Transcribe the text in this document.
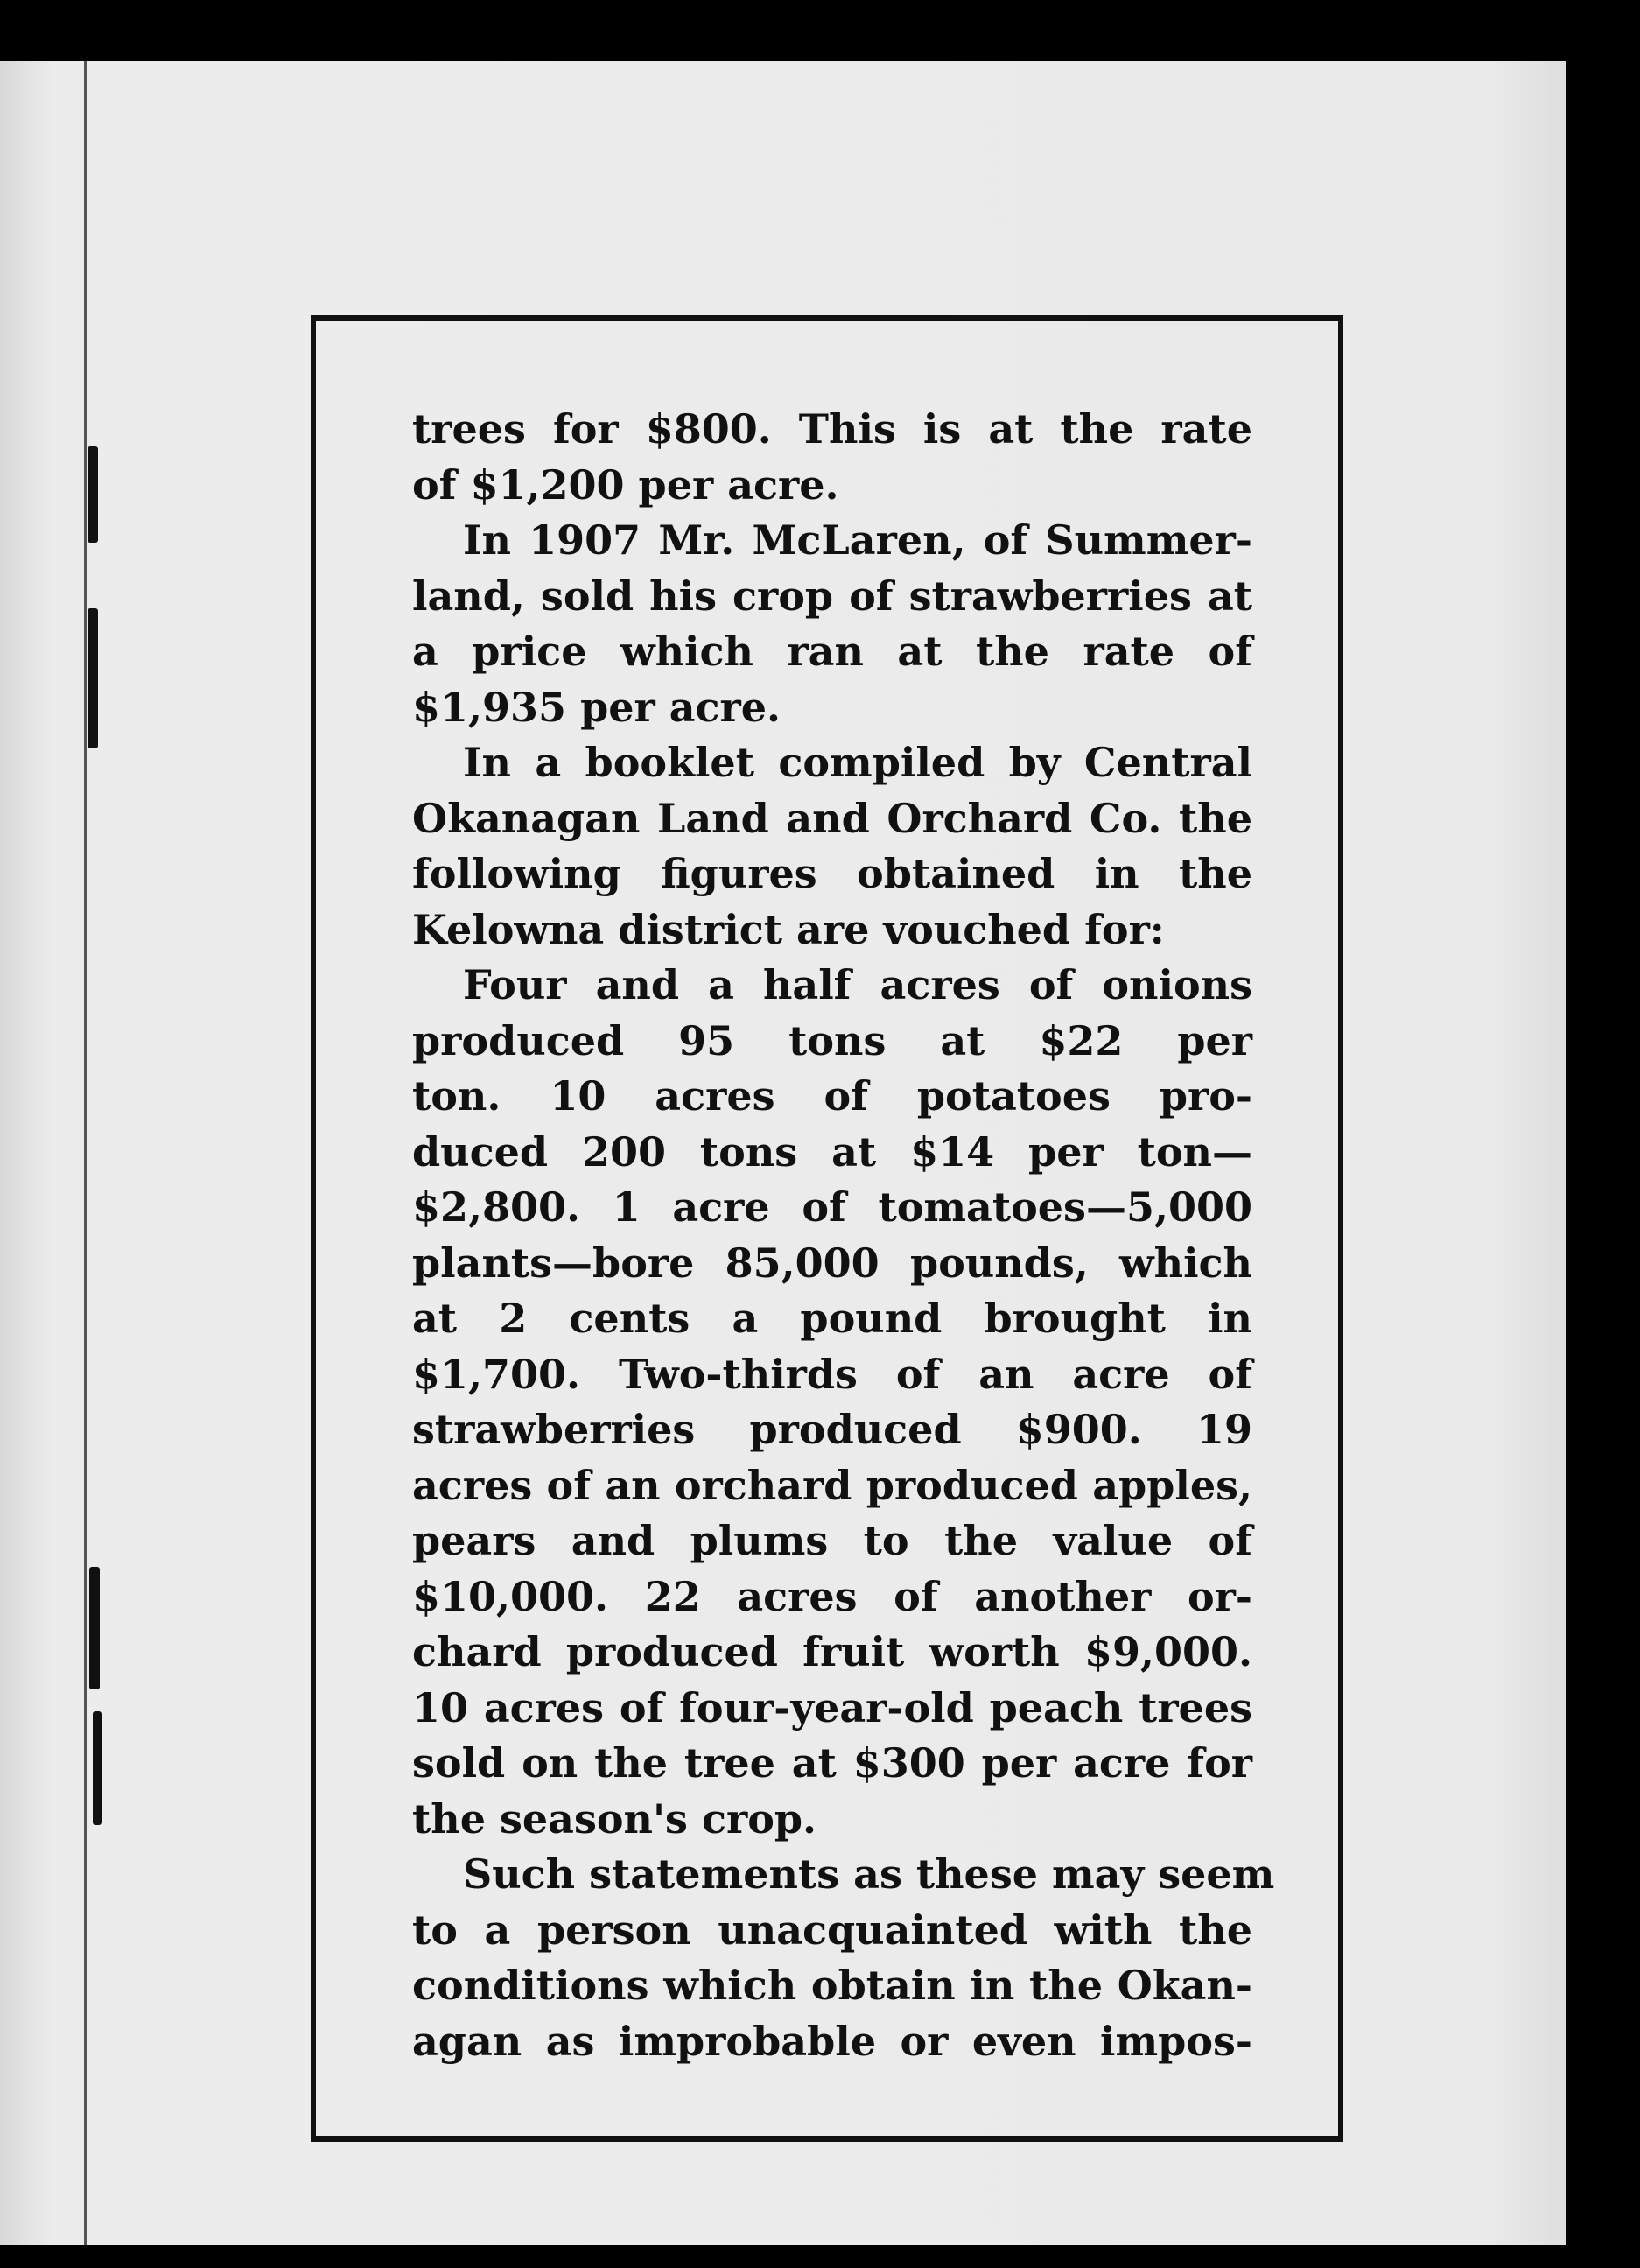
trees for $800. This is at the rate
of $1,200 per acre.
In 1907 Mr. McLaren, of Summer-
land, sold his crop of strawberries at
a price which ran at the rate of
$1,935 per acre.
In a booklet compiled by Central
Okanagan Land and Orchard Co. the
following figures obtained in the
Kelowna district are vouched for:
Four and a half acres of onions
produced 95 tons at $22 per
ton. 10 acres of potatoes pro-
duced 200 tons at $14 per ton—
$2,800. 1 acre of tomatoes—5,000
plants—bore 85,000 pounds, which
at 2 cents a pound brought in
$1,700. Two-thirds of an acre of
strawberries produced $900. 19
acres of an orchard produced apples,
pears and plums to the value of
$10,000. 22 acres of another or-
chard produced fruit worth $9,000.
10 acres of four-year-old peach trees
sold on the tree at $300 per acre for
the season's crop.
Such statements as these may seem
to a person unacquainted with the
conditions which obtain in the Okan-
agan as improbable or even impos-
